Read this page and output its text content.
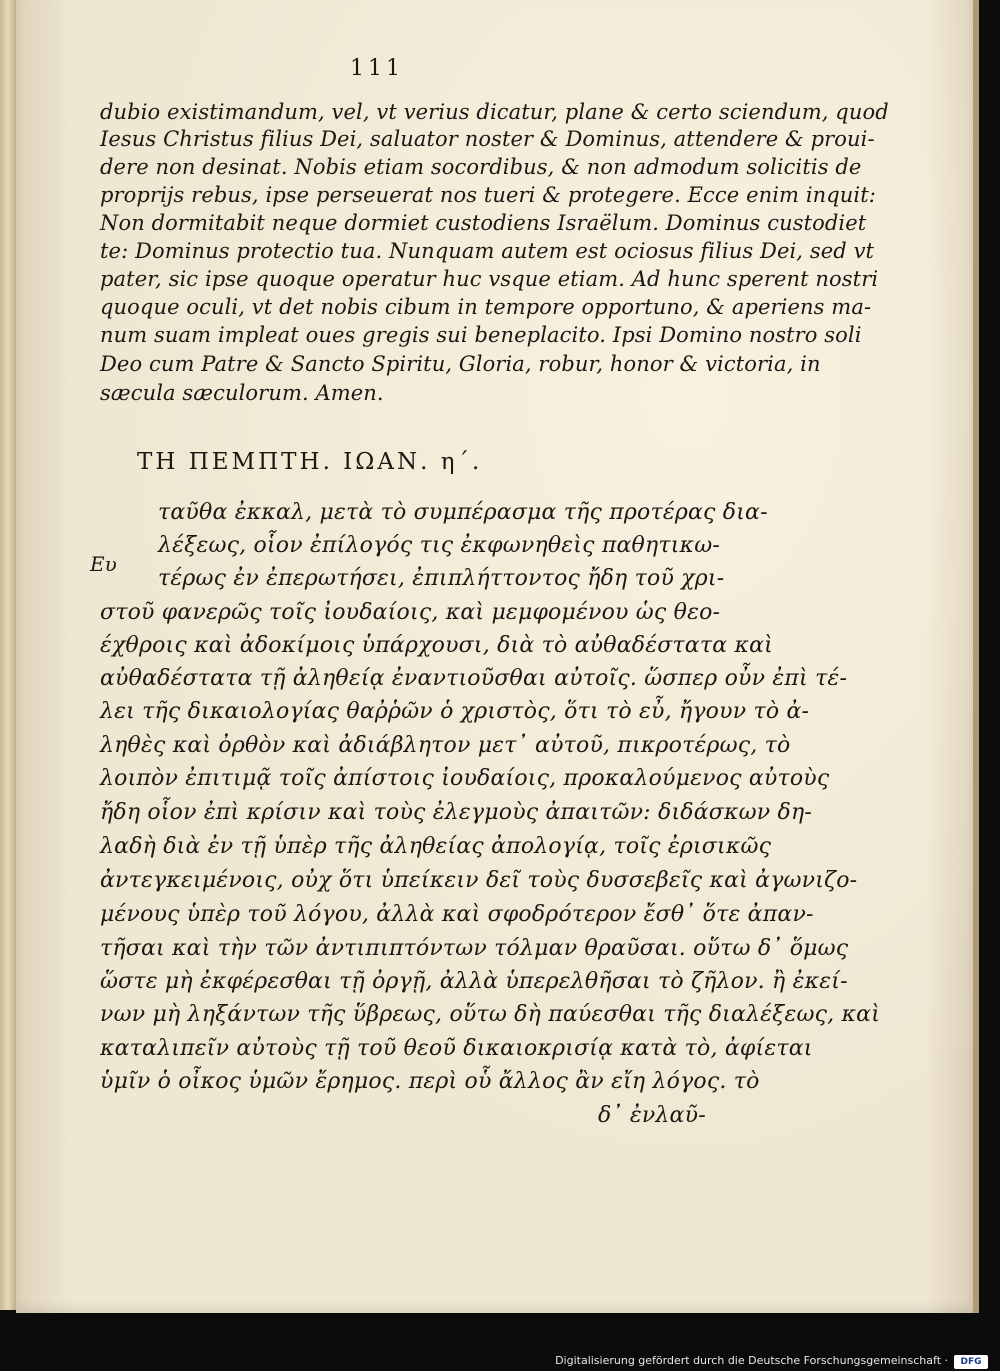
111
dubio existimandum, vel, vt verius dicatur, plane & certo sciendum, quod
Iesus Christus filius Dei, saluator noster & Dominus, attendere & proui-
dere non desinat. Nobis etiam socordibus, & non admodum solicitis de
proprijs rebus, ipse perseuerat nos tueri & protegere. Ecce enim inquit:
Non dormitabit neque dormiet custodiens Israëlum. Dominus custodiet
te: Dominus protectio tua. Nunquam autem est ociosus filius Dei, sed vt
pater, sic ipse quoque operatur huc vsque etiam. Ad hunc sperent nostri
quoque oculi, vt det nobis cibum in tempore opportuno, & aperiens ma-
num suam impleat oues gregis sui beneplacito. Ipsi Domino nostro soli
Deo cum Patre & Sancto Spiritu, Gloria, robur, honor & victoria, in
sæcula sæculorum. Amen.
ΤΗ ΠΕΜΠΤΗ. ΙΩΑΝ. η΄.
Ευ
ταῦθα ἐκκαλ, μετὰ τὸ συμπέρασμα τῆς προτέρας δια-
λέξεως, οἷον ἐπίλογός τις ἐκφωνηθεὶς παθητικω-
τέρως ἐν ἐπερωτήσει, ἐπιπλήττοντος ἤδη τοῦ χρι-
στοῦ φανερῶς τοῖς ἰουδαίοις, καὶ μεμφομένου ὡς θεο-
έχθροις καὶ ἀδοκίμοις ὑπάρχουσι, διὰ τὸ αὐθαδέστατα καὶ
αὐθαδέστατα τῇ ἀληθείᾳ ἐναντιοῦσθαι αὐτοῖς. ὥσπερ οὖν ἐπὶ τέ-
λει τῆς δικαιολογίας θαῤῥῶν ὁ χριστὸς, ὅτι τὸ εὖ, ἤγουν τὸ ἀ-
ληθὲς καὶ ὀρθὸν καὶ ἀδιάβλητον μετ᾽ αὐτοῦ, πικροτέρως, τὸ
λοιπὸν ἐπιτιμᾷ τοῖς ἀπίστοις ἰουδαίοις, προκαλούμενος αὐτοὺς
ἤδη οἷον ἐπὶ κρίσιν καὶ τοὺς ἐλεγμοὺς ἀπαιτῶν: διδάσκων δη-
λαδὴ διὰ ἐν τῇ ὑπὲρ τῆς ἀληθείας ἀπολογίᾳ, τοῖς ἐρισικῶς
ἀντεγκειμένοις, οὐχ ὅτι ὑπείκειν δεῖ τοὺς δυσσεβεῖς καὶ ἀγωνιζο-
μένους ὑπὲρ τοῦ λόγου, ἀλλὰ καὶ σφοδρότερον ἔσθ᾽ ὅτε ἀπαν-
τῆσαι καὶ τὴν τῶν ἀντιπιπτόντων τόλμαν θραῦσαι. οὕτω δ᾽ ὅμως
ὥστε μὴ ἐκφέρεσθαι τῇ ὀργῇ, ἀλλὰ ὑπερελθῆσαι τὸ ζῆλον. ἢ ἐκεί-
νων μὴ ληξάντων τῆς ὕβρεως, οὕτω δὴ παύεσθαι τῆς διαλέξεως, καὶ
καταλιπεῖν αὐτοὺς τῇ τοῦ θεοῦ δικαιοκρισίᾳ κατὰ τὸ, ἀφίεται
ὑμῖν ὁ οἶκος ὑμῶν ἔρημος. περὶ οὗ ἄλλος ἂν εἴη λόγος. τὸ
δ᾽ ἐνλαῦ-
Digitalisierung gefördert durch die Deutsche Forschungsgemeinschaft ·	DFG
